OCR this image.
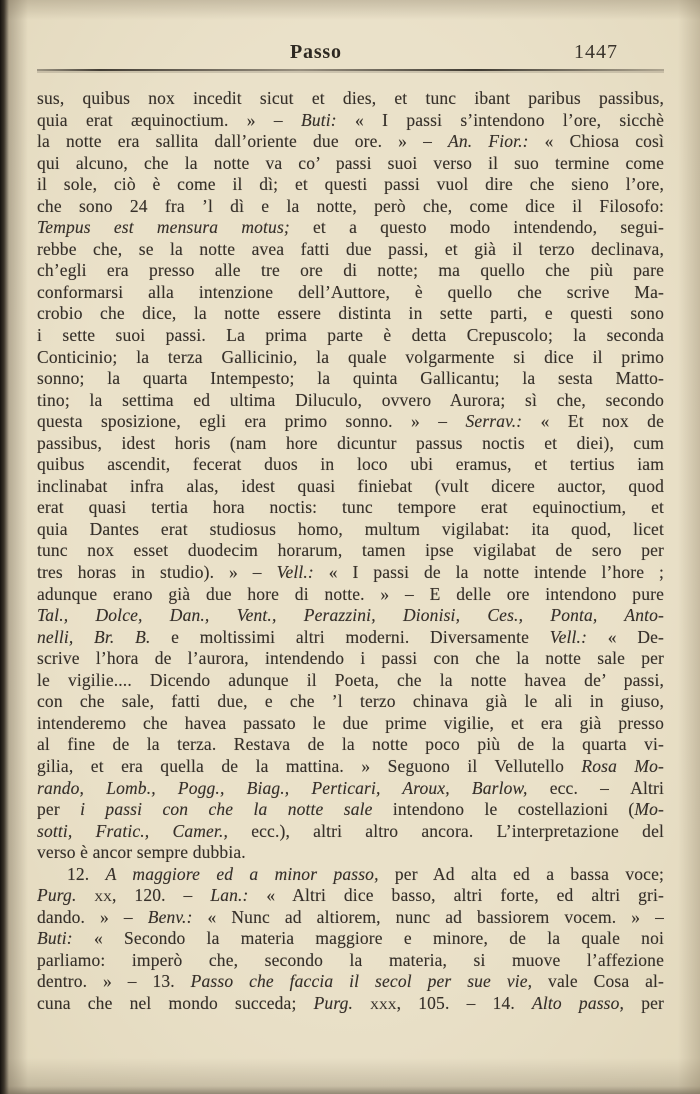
Passo	1447
sus, quibus nox incedit sicut et dies, et tunc ibant paribus passibus,
quia erat æquinoctium. » – Buti: « I passi s’intendono l’ore, sicchè
la notte era sallita dall’oriente due ore. » – An. Fior.: « Chiosa così
qui alcuno, che la notte va co’ passi suoi verso il suo termine come
il sole, ciò è come il dì; et questi passi vuol dire che sieno l’ore,
che sono 24 fra ’l dì e la notte, però che, come dice il Filosofo:
Tempus est mensura motus; et a questo modo intendendo, segui-
rebbe che, se la notte avea fatti due passi, et già il terzo declinava,
ch’egli era presso alle tre ore di notte; ma quello che più pare
conformarsi alla intenzione dell’Auttore, è quello che scrive Ma-
crobio che dice, la notte essere distinta in sette parti, e questi sono
i sette suoi passi. La prima parte è detta Crepuscolo; la seconda
Conticinio; la terza Gallicinio, la quale volgarmente si dice il primo
sonno; la quarta Intempesto; la quinta Gallicantu; la sesta Matto-
tino; la settima ed ultima Diluculo, ovvero Aurora; sì che, secondo
questa sposizione, egli era primo sonno. » – Serrav.: « Et nox de
passibus, idest horis (nam hore dicuntur passus noctis et diei), cum
quibus ascendit, fecerat duos in loco ubi eramus, et tertius iam
inclinabat infra alas, idest quasi finiebat (vult dicere auctor, quod
erat quasi tertia hora noctis: tunc tempore erat equinoctium, et
quia Dantes erat studiosus homo, multum vigilabat: ita quod, licet
tunc nox esset duodecim horarum, tamen ipse vigilabat de sero per
tres horas in studio). » – Vell.: « I passi de la notte intende l’hore ;
adunque erano già due hore di notte. » – E delle ore intendono pure
Tal., Dolce, Dan., Vent., Perazzini, Dionisi, Ces., Ponta, Anto-
nelli, Br. B. e moltissimi altri moderni. Diversamente Vell.: « De-
scrive l’hora de l’aurora, intendendo i passi con che la notte sale per
le vigilie.... Dicendo adunque il Poeta, che la notte havea de’ passi,
con che sale, fatti due, e che ’l terzo chinava già le ali in giuso,
intenderemo che havea passato le due prime vigilie, et era già presso
al fine de la terza. Restava de la notte poco più de la quarta vi-
gilia, et era quella de la mattina. » Seguono il Vellutello Rosa Mo-
rando, Lomb., Pogg., Biag., Perticari, Aroux, Barlow, ecc. – Altri
per i passi con che la notte sale intendono le costellazioni (Mo-
sotti, Fratic., Camer., ecc.), altri altro ancora. L’interpretazione del
verso è ancor sempre dubbia.
12. A maggiore ed a minor passo, per Ad alta ed a bassa voce;
Purg. xx, 120. – Lan.: « Altri dice basso, altri forte, ed altri gri-
dando. » – Benv.: « Nunc ad altiorem, nunc ad bassiorem vocem. » –
Buti: « Secondo la materia maggiore e minore, de la quale noi
parliamo: imperò che, secondo la materia, si muove l’affezione
dentro. » – 13. Passo che faccia il secol per sue vie, vale Cosa al-
cuna che nel mondo succeda; Purg. xxx, 105. – 14. Alto passo, per
